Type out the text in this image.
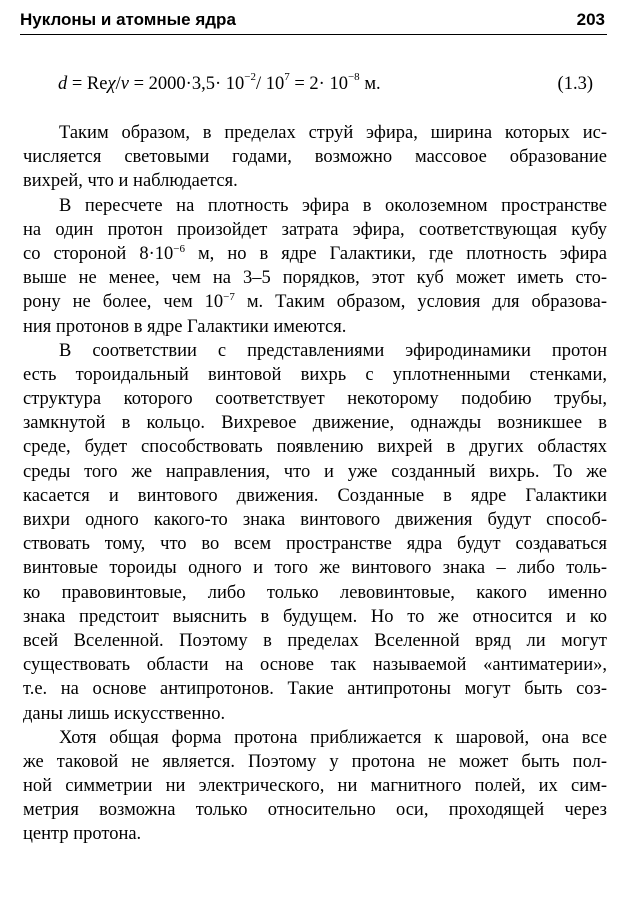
Нуклоны и атомные ядра	203
$d = Re\chi/v = 2000\cdot 3,5\cdot 10^{-2}/$ $10^7 = 2\cdot 10^{-8}$ м.	(1.3)
Таким образом, в пределах струй эфира, ширина которых ис-
числяется световыми годами, возможно массовое образование
вихрей, что и наблюдается.
В пересчете на плотность эфира в околоземном пространстве
на один протон произойдет затрата эфира, соответствующая кубу
со стороной $8\cdot 10^{-6}$ м, но в ядре Галактики, где плотность эфира
выше не менее, чем на 3–5 порядков, этот куб может иметь сто-
рону не более, чем $10^{-7}$ м. Таким образом, условия для образова-
ния протонов в ядре Галактики имеются.
В соответствии с представлениями эфиродинамики протон
есть тороидальный винтовой вихрь с уплотненными стенками,
структура которого соответствует некоторому подобию трубы,
замкнутой в кольцо. Вихревое движение, однажды возникшее в
среде, будет способствовать появлению вихрей в других областях
среды того же направления, что и уже созданный вихрь. То же
касается и винтового движения. Созданные в ядре Галактики
вихри одного какого-то знака винтового движения будут способ-
ствовать тому, что во всем пространстве ядра будут создаваться
винтовые тороиды одного и того же винтового знака – либо толь-
ко правовинтовые, либо только левовинтовые, какого именно
знака предстоит выяснить в будущем. Но то же относится и ко
всей Вселенной. Поэтому в пределах Вселенной вряд ли могут
существовать области на основе так называемой «антиматерии»,
т.е. на основе антипротонов. Такие антипротоны могут быть соз-
даны лишь искусственно.
Хотя общая форма протона приближается к шаровой, она все
же таковой не является. Поэтому у протона не может быть пол-
ной симметрии ни электрического, ни магнитного полей, их сим-
метрия возможна только относительно оси, проходящей через
центр протона.
